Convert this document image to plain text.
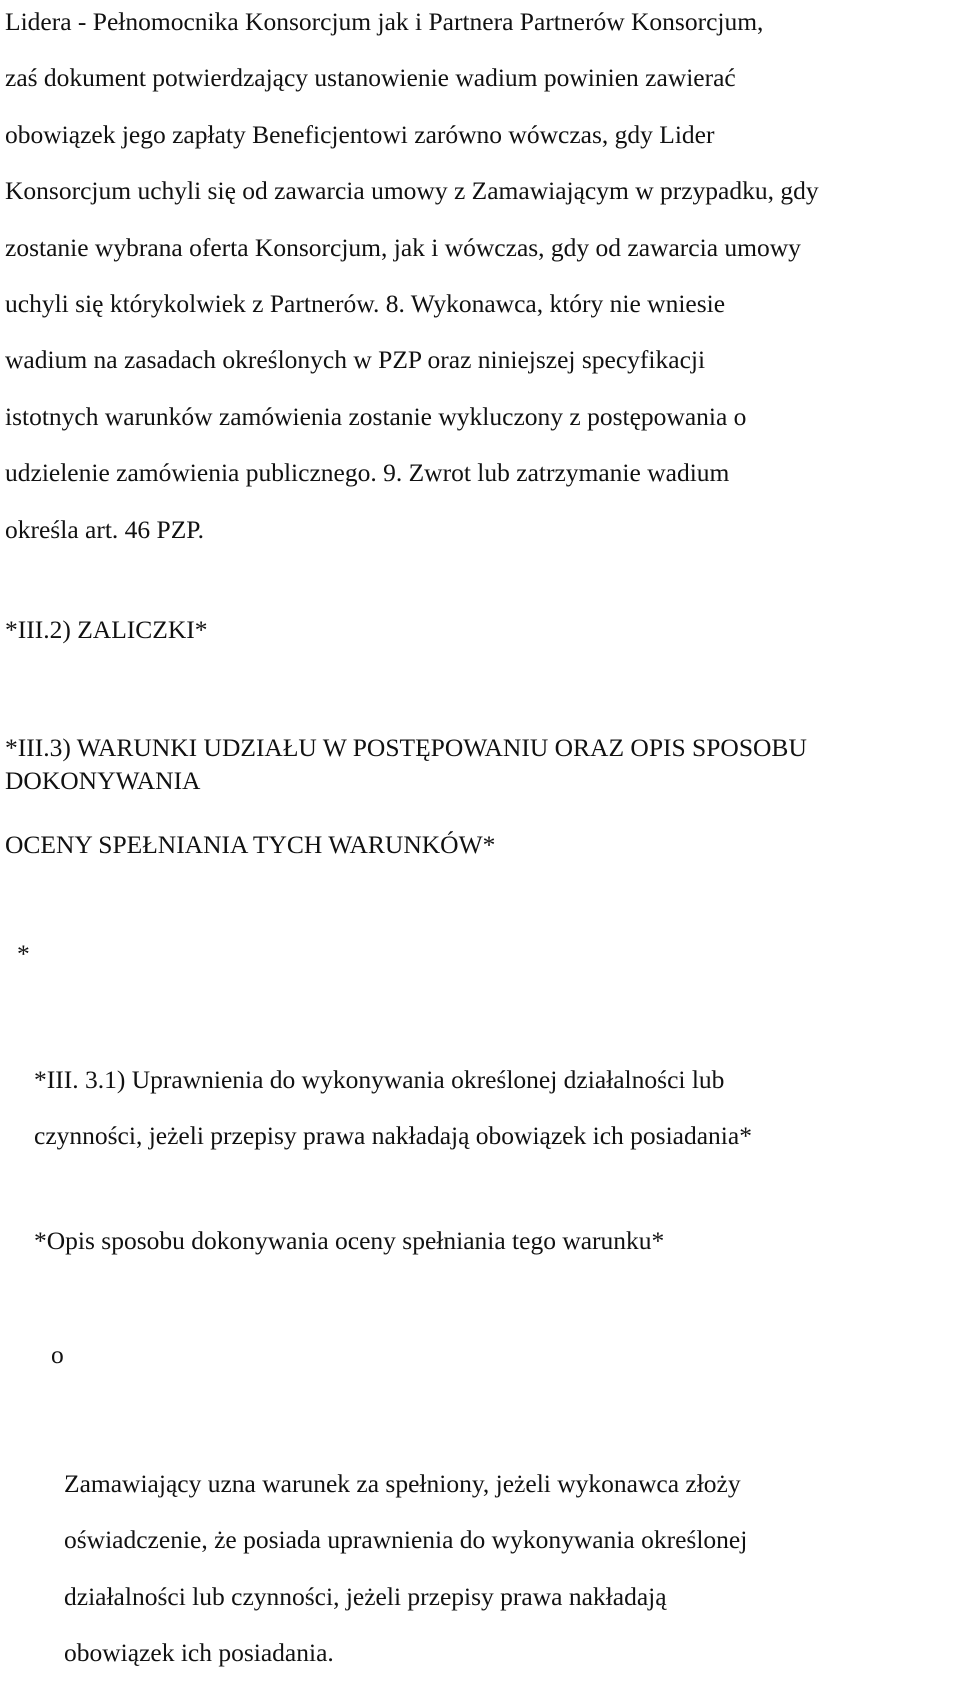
Lidera - Pełnomocnika Konsorcjum jak i Partnera Partnerów Konsorcjum,
zaś dokument potwierdzający ustanowienie wadium powinien zawierać
obowiązek jego zapłaty Beneficjentowi zarówno wówczas, gdy Lider
Konsorcjum uchyli się od zawarcia umowy z Zamawiającym w przypadku, gdy
zostanie wybrana oferta Konsorcjum, jak i wówczas, gdy od zawarcia umowy
uchyli się którykolwiek z Partnerów. 8. Wykonawca, który nie wniesie
wadium na zasadach określonych w PZP oraz niniejszej specyfikacji
istotnych warunków zamówienia zostanie wykluczony z postępowania o
udzielenie zamówienia publicznego. 9. Zwrot lub zatrzymanie wadium
określa art. 46 PZP.

*III.2) ZALICZKI*

*III.3) WARUNKI UDZIAŁU W POSTĘPOWANIU ORAZ OPIS SPOSOBU

DOKONYWANIA

OCENY SPEŁNIANIA TYCH WARUNKÓW*

*

*III. 3.1) Uprawnienia do wykonywania określonej działalności lub
czynności, jeżeli przepisy prawa nakładają obowiązek ich posiadania*

*Opis sposobu dokonywania oceny spełniania tego warunku*

o

Zamawiający uzna warunek za spełniony, jeżeli wykonawca złoży
oświadczenie, że posiada uprawnienia do wykonywania określonej
działalności lub czynności, jeżeli przepisy prawa nakładają
obowiązek ich posiadania.
